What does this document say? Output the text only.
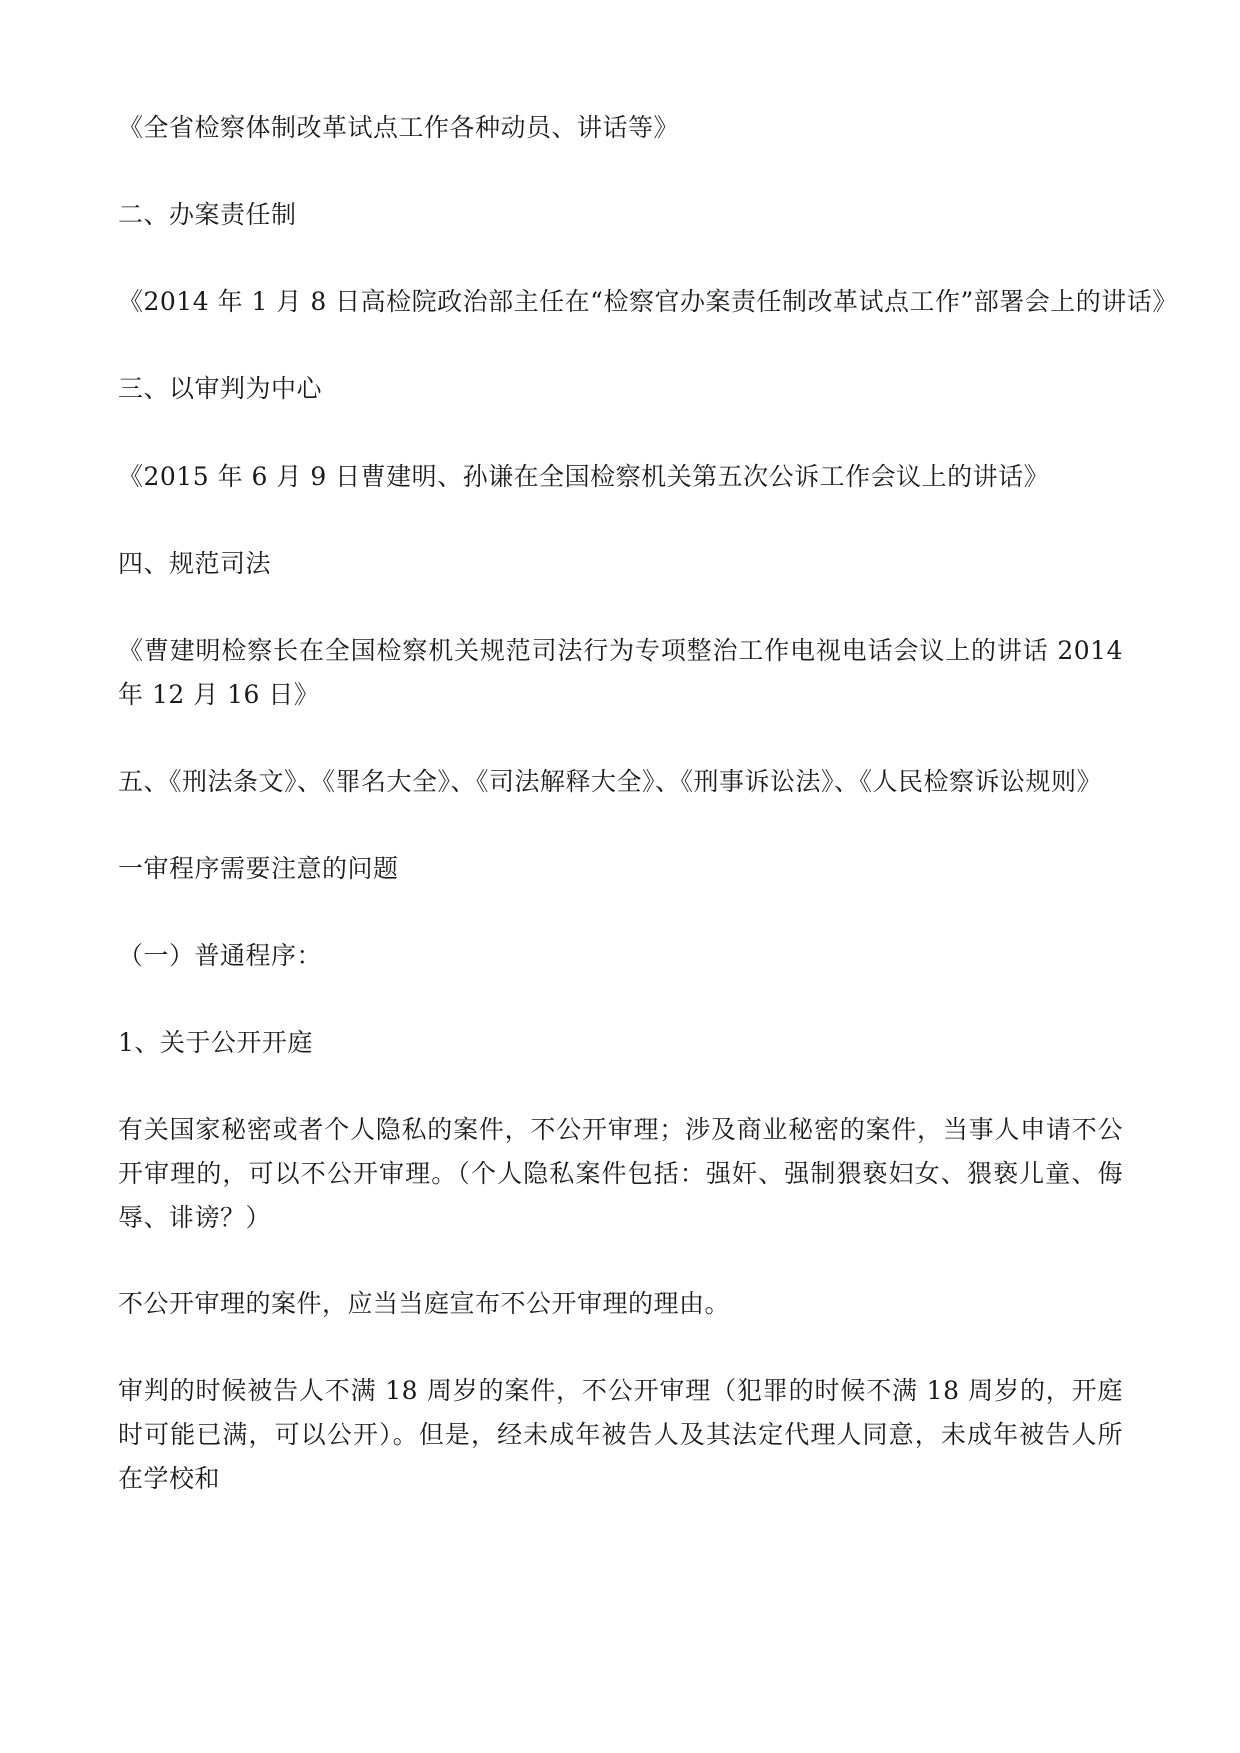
《全省检察体制改革试点工作各种动员、讲话等》
二、办案责任制
《2014 年 1 月 8 日高检院政治部主任在“检察官办案责任制改革试点工作”部署会上的讲话》
三、以审判为中心
《2015 年 6 月 9 日曹建明、孙谦在全国检察机关第五次公诉工作会议上的讲话》
四、规范司法
《曹建明检察长在全国检察机关规范司法行为专项整治工作电视电话会议上的讲话 2014 年 12 月 16 日》
五、《刑法条文》、《罪名大全》、《司法解释大全》、《刑事诉讼法》、《人民检察诉讼规则》
一审程序需要注意的问题
（一）普通程序：
1、关于公开开庭
有关国家秘密或者个人隐私的案件，不公开审理；涉及商业秘密的案件，当事人申请不公开审理的，可以不公开审理。（个人隐私案件包括：强奸、强制猥亵妇女、猥亵儿童、侮辱、诽谤？）
不公开审理的案件，应当当庭宣布不公开审理的理由。
审判的时候被告人不满 18 周岁的案件，不公开审理（犯罪的时候不满 18 周岁的，开庭时可能已满，可以公开）。但是，经未成年被告人及其法定代理人同意，未成年被告人所在学校和
